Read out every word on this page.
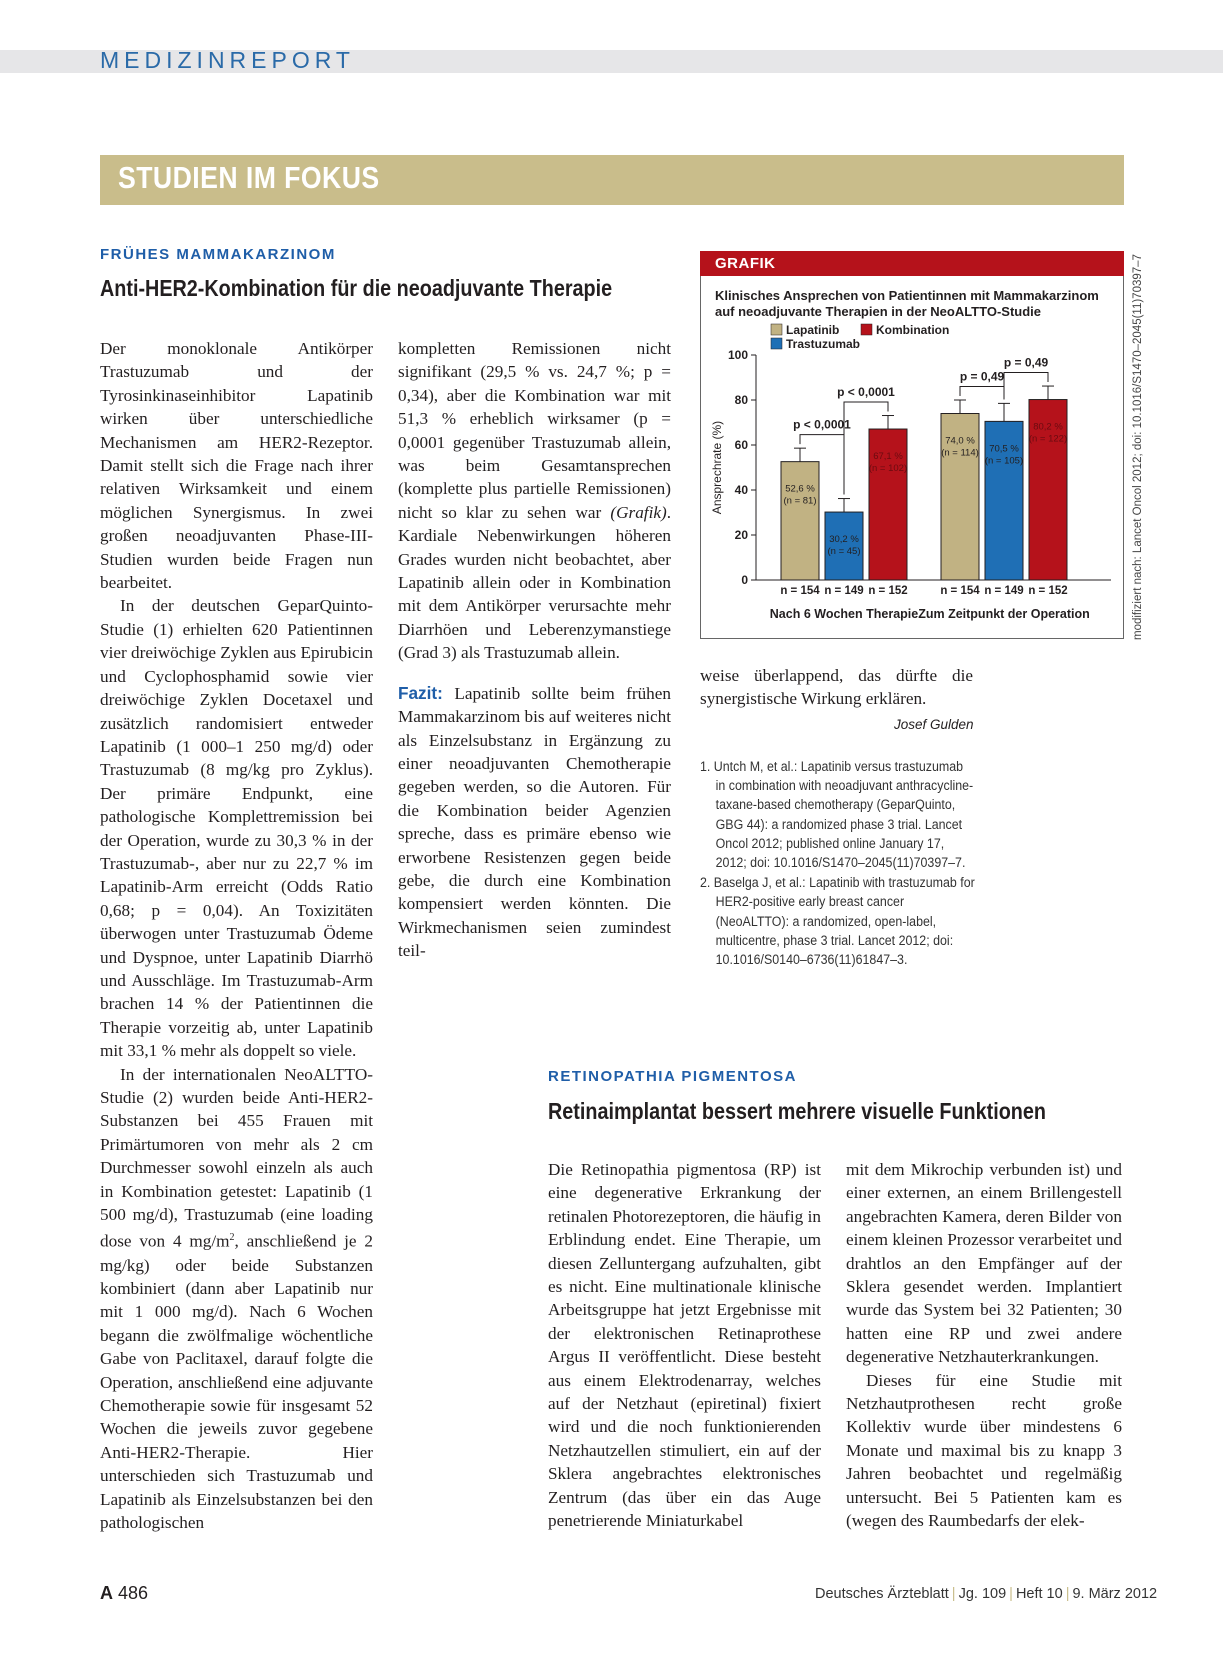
MEDIZINREPORT
STUDIEN IM FOKUS
FRÜHES MAMMAKARZINOM
Anti-HER2-Kombination für die neoadjuvante Therapie

Der monoklonale Antikörper Trastuzumab und der Tyrosinkinaseinhibitor Lapatinib wirken über unterschiedliche Mechanismen am HER2-Rezeptor. Damit stellt sich die Frage nach ihrer relativen Wirksamkeit und einem möglichen Synergismus. In zwei großen neoadjuvanten Phase-III-Studien wurden beide Fragen nun bearbeitet.

In der deutschen GeparQuinto-Studie (1) erhielten 620 Patientinnen vier dreiwöchige Zyklen aus Epirubicin und Cyclophosphamid sowie vier dreiwöchige Zyklen Docetaxel und zusätzlich randomisiert entweder Lapatinib (1 000–1 250 mg/d) oder Trastuzumab (8 mg/kg pro Zyklus). Der primäre Endpunkt, eine pathologische Komplettremission bei der Operation, wurde zu 30,3 % in der Trastuzumab-, aber nur zu 22,7 % im Lapatinib-Arm erreicht (Odds Ratio 0,68; p = 0,04). An Toxizitäten überwogen unter Trastuzumab Ödeme und Dyspnoe, unter Lapatinib Diarrhö und Ausschläge. Im Trastuzumab-Arm brachen 14 % der Patientinnen die Therapie vorzeitig ab, unter Lapatinib mit 33,1 % mehr als doppelt so viele.

In der internationalen NeoALTTO-Studie (2) wurden beide Anti-HER2-Substanzen bei 455 Frauen mit Primärtumoren von mehr als 2 cm Durchmesser sowohl einzeln als auch in Kombination getestet: Lapatinib (1 500 mg/d), Trastuzumab (eine loading dose von 4 $mg/m^2$, anschließend je 2 mg/kg) oder beide Substanzen kombiniert (dann aber Lapatinib nur mit 1 000 mg/d). Nach 6 Wochen begann die zwölfmalige wöchentliche Gabe von Paclitaxel, darauf folgte die Operation, anschließend eine adjuvante Chemotherapie sowie für insgesamt 52 Wochen die jeweils zuvor gegebene Anti-HER2-Therapie. Hier unterschieden sich Trastuzumab und Lapatinib als Einzelsubstanzen bei den pathologischen

kompletten Remissionen nicht signifikant (29,5 % vs. 24,7 %; p = 0,34), aber die Kombination war mit 51,3 % erheblich wirksamer (p = 0,0001 gegenüber Trastuzumab allein, was beim Gesamtansprechen (komplette plus partielle Remissionen) nicht so klar zu sehen war (Grafik). Kardiale Nebenwirkungen höheren Grades wurden nicht beobachtet, aber Lapatinib allein oder in Kombination mit dem Antikörper verursachte mehr Diarrhöen und Leberenzymanstiege (Grad 3) als Trastuzumab allein.

Fazit: Lapatinib sollte beim frühen Mammakarzinom bis auf weiteres nicht als Einzelsubstanz in Ergänzung zu einer neoadjuvanten Chemotherapie gegeben werden, so die Autoren. Für die Kombination beider Agenzien spreche, dass es primäre ebenso wie erworbene Resistenzen gegen beide gebe, die durch eine Kombination kompensiert werden könnten. Die Wirkmechanismen seien zumindest teil-

GRAFIK
Klinisches Ansprechen von Patientinnen mit Mammakarzinom auf neoadjuvante Therapien in der NeoALTTO-Studie
0
20
40
60
80
100
Ansprechrate (%)	52,6 %
(n = 81)
n = 154
74,0 %
(n = 114)
n = 154
30,2 %
(n = 45)
n = 149
70,5 %
(n = 105)
n = 149
67,1 %
(n = 102)
n = 152
80,2 %
(n = 122)
n = 152
Nach 6 Wochen Therapie Zum Zeitpunkt der Operation
p < 0,0001
p < 0,0001
p = 0,49
p = 0,49
Lapatinib	Kombination
Trastuzumab	modifiziert nach: Lancet Oncol 2012; doi: 10.1016/S1470–2045(11)70397–7

weise überlappend, das dürfte die synergistische Wirkung erklären.

Josef Gulden
1. Untch M, et al.: Lapatinib versus trastuzumab in combination with neoadjuvant anthracycline-taxane-based chemotherapy (GeparQuinto, GBG 44): a randomized phase 3 trial. Lancet Oncol 2012; published online January 17, 2012; doi: 10.1016/S1470–2045(11)70397–7.
2. Baselga J, et al.: Lapatinib with trastuzumab for HER2-positive early breast cancer (NeoALTTO): a randomized, open-label, multicentre, phase 3 trial. Lancet 2012; doi: 10.1016/S0140–6736(11)61847–3.
RETINOPATHIA PIGMENTOSA
Retinaimplantat bessert mehrere visuelle Funktionen

Die Retinopathia pigmentosa (RP) ist eine degenerative Erkrankung der retinalen Photorezeptoren, die häufig in Erblindung endet. Eine Therapie, um diesen Zelluntergang aufzuhalten, gibt es nicht. Eine multinationale klinische Arbeitsgruppe hat jetzt Ergebnisse mit der elektronischen Retinaprothese Argus II veröffentlicht. Diese besteht aus einem Elektrodenarray, welches auf der Netzhaut (epiretinal) fixiert wird und die noch funktionierenden Netzhautzellen stimuliert, ein auf der Sklera angebrachtes elektronisches Zentrum (das über ein das Auge penetrierende Miniaturkabel

mit dem Mikrochip verbunden ist) und einer externen, an einem Brillengestell angebrachten Kamera, deren Bilder von einem kleinen Prozessor verarbeitet und drahtlos an den Empfänger auf der Sklera gesendet werden. Implantiert wurde das System bei 32 Patienten; 30 hatten eine RP und zwei andere degenerative Netzhauterkrankungen.

Dieses für eine Studie mit Netzhautprothesen recht große Kollektiv wurde über mindestens 6 Monate und maximal bis zu knapp 3 Jahren beobachtet und regelmäßig untersucht. Bei 5 Patienten kam es (wegen des Raumbedarfs der elek-

A 486	Deutsches Ärzteblatt | Jg. 109 | Heft 10 | 9. März 2012
